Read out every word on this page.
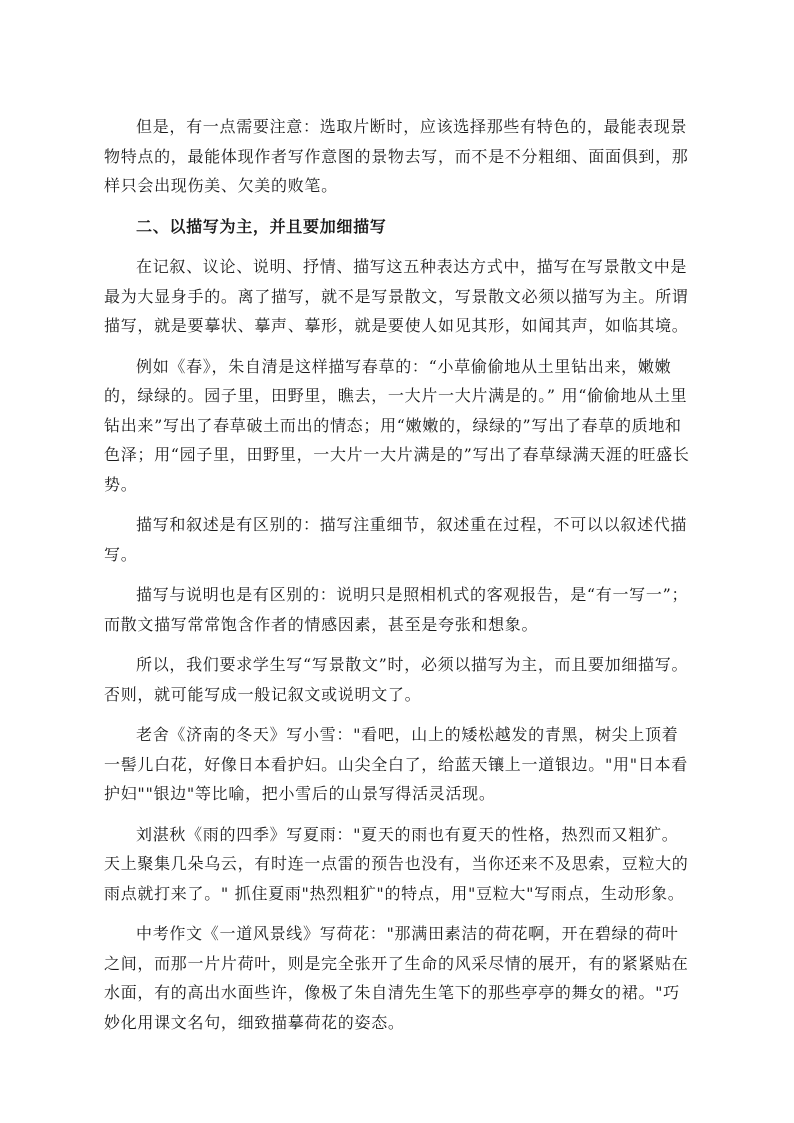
但是，有一点需要注意：选取片断时，应该选择那些有特色的，最能表现景物特点的，最能体现作者写作意图的景物去写，而不是不分粗细、面面俱到，那样只会出现伤美、欠美的败笔。

二、以描写为主，并且要加细描写

在记叙、议论、说明、抒情、描写这五种表达方式中，描写在写景散文中是最为大显身手的。离了描写，就不是写景散文，写景散文必须以描写为主。所谓描写，就是要摹状、摹声、摹形，就是要使人如见其形，如闻其声，如临其境。

例如《春》，朱自清是这样描写春草的：“小草偷偷地从土里钻出来，嫩嫩的，绿绿的。园子里，田野里，瞧去，一大片一大片满是的。” 用“偷偷地从土里钻出来”写出了春草破土而出的情态；用“嫩嫩的，绿绿的”写出了春草的质地和色泽；用“园子里，田野里，一大片一大片满是的”写出了春草绿满天涯的旺盛长势。

描写和叙述是有区别的：描写注重细节，叙述重在过程，不可以以叙述代描写。

描写与说明也是有区别的：说明只是照相机式的客观报告，是“有一写一”；而散文描写常常饱含作者的情感因素，甚至是夸张和想象。

所以，我们要求学生写“写景散文”时，必须以描写为主，而且要加细描写。否则，就可能写成一般记叙文或说明文了。

老舍《济南的冬天》写小雪："看吧，山上的矮松越发的青黑，树尖上顶着一髻儿白花，好像日本看护妇。山尖全白了，给蓝天镶上一道银边。"用"日本看护妇""银边"等比喻，把小雪后的山景写得活灵活现。

刘湛秋《雨的四季》写夏雨："夏天的雨也有夏天的性格，热烈而又粗犷。天上聚集几朵乌云，有时连一点雷的预告也没有，当你还来不及思索，豆粒大的雨点就打来了。" 抓住夏雨"热烈粗犷"的特点，用"豆粒大"写雨点，生动形象。

中考作文《一道风景线》写荷花："那满田素洁的荷花啊，开在碧绿的荷叶之间，而那一片片荷叶，则是完全张开了生命的风采尽情的展开，有的紧紧贴在水面，有的高出水面些许，像极了朱自清先生笔下的那些亭亭的舞女的裙。"巧妙化用课文名句，细致描摹荷花的姿态。
